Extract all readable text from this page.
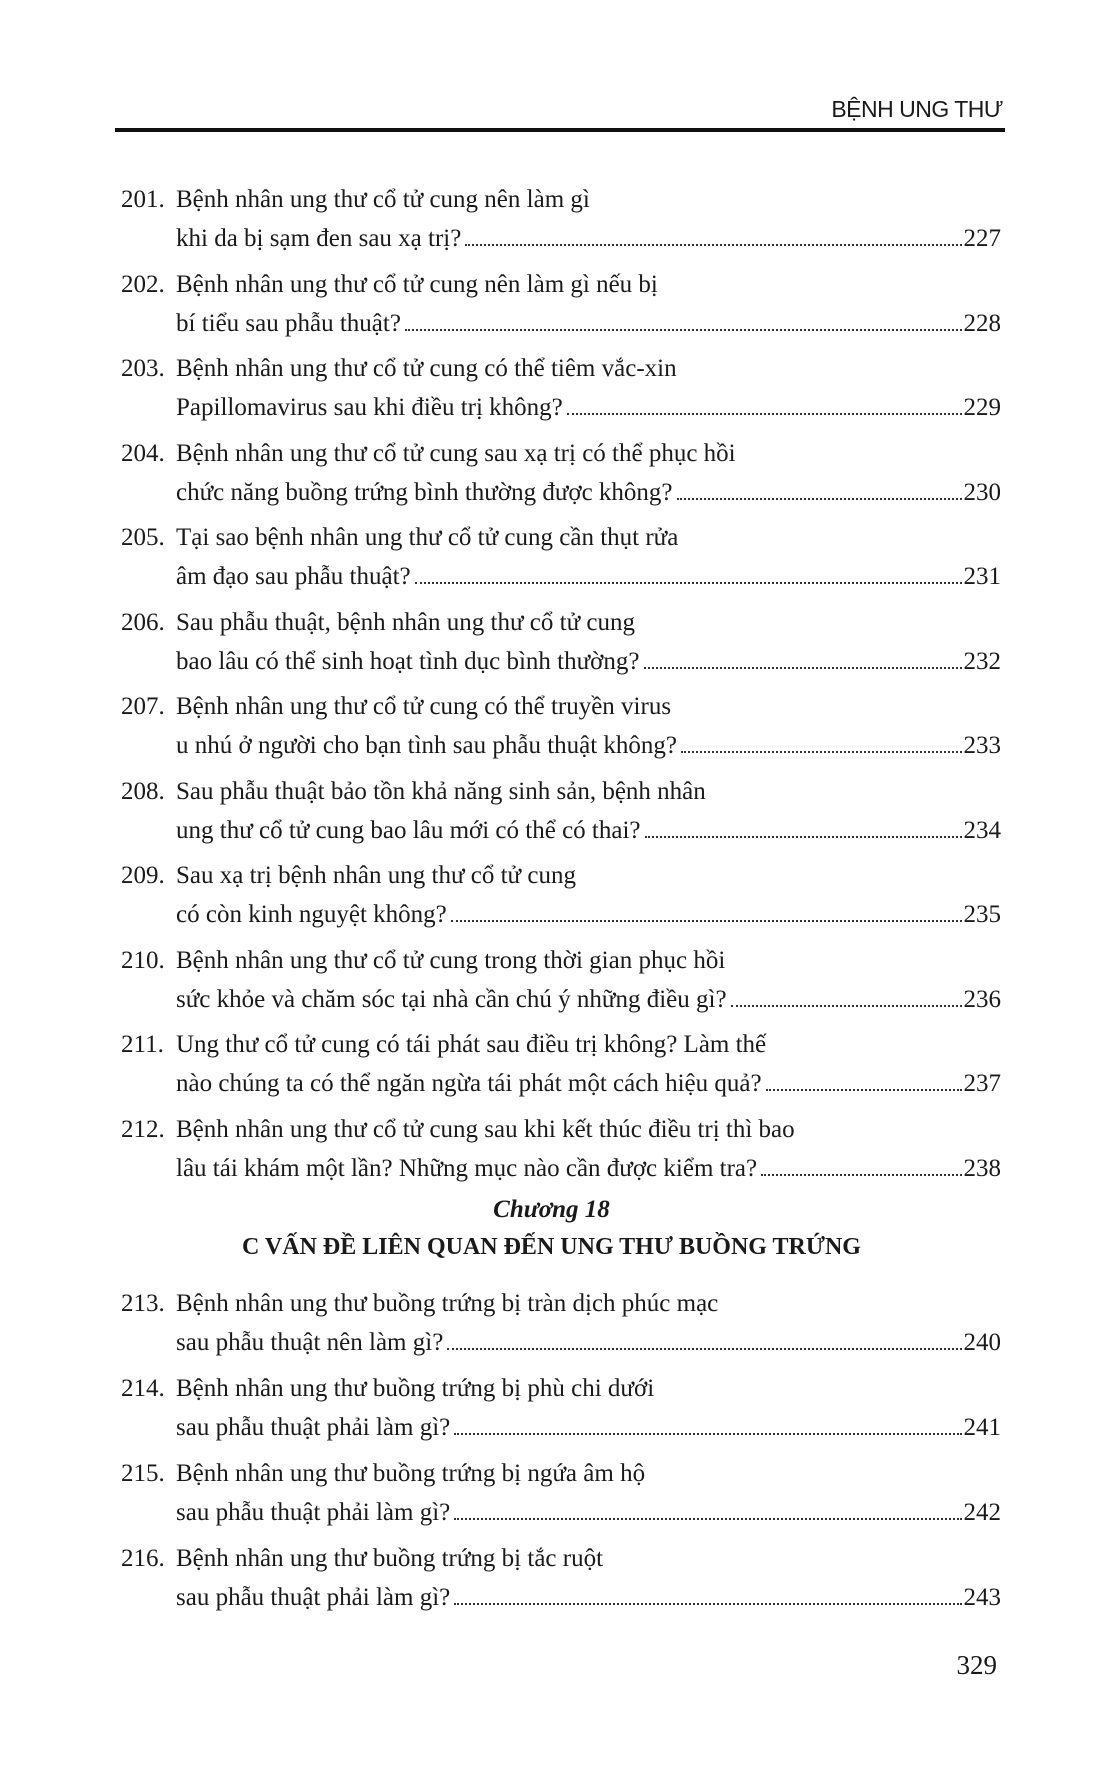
BỆNH UNG THƯ
201. Bệnh nhân ung thư cổ tử cung nên làm gì
khi da bị sạm đen sau xạ trị?	227
202. Bệnh nhân ung thư cổ tử cung nên làm gì nếu bị
bí tiểu sau phẫu thuật?	228
203. Bệnh nhân ung thư cổ tử cung có thể tiêm vắc-xin
Papillomavirus sau khi điều trị không?	229
204. Bệnh nhân ung thư cổ tử cung sau xạ trị có thể phục hồi
chức năng buồng trứng bình thường được không?	230
205. Tại sao bệnh nhân ung thư cổ tử cung cần thụt rửa
âm đạo sau phẫu thuật?	231
206. Sau phẫu thuật, bệnh nhân ung thư cổ tử cung
bao lâu có thể sinh hoạt tình dục bình thường?	232
207. Bệnh nhân ung thư cổ tử cung có thể truyền virus
u nhú ở người cho bạn tình sau phẫu thuật không?	233
208. Sau phẫu thuật bảo tồn khả năng sinh sản, bệnh nhân
ung thư cổ tử cung bao lâu mới có thể có thai?	234
209. Sau xạ trị bệnh nhân ung thư cổ tử cung
có còn kinh nguyệt không?	235
210. Bệnh nhân ung thư cổ tử cung trong thời gian phục hồi
sức khỏe và chăm sóc tại nhà cần chú ý những điều gì?	236
211. Ung thư cổ tử cung có tái phát sau điều trị không? Làm thế
nào chúng ta có thể ngăn ngừa tái phát một cách hiệu quả?	237
212. Bệnh nhân ung thư cổ tử cung sau khi kết thúc điều trị thì bao
lâu tái khám một lần? Những mục nào cần được kiểm tra?	238
213. Bệnh nhân ung thư buồng trứng bị tràn dịch phúc mạc
sau phẫu thuật nên làm gì?	240
214. Bệnh nhân ung thư buồng trứng bị phù chi dưới
sau phẫu thuật phải làm gì?	241
215. Bệnh nhân ung thư buồng trứng bị ngứa âm hộ
sau phẫu thuật phải làm gì?	242
216. Bệnh nhân ung thư buồng trứng bị tắc ruột
sau phẫu thuật phải làm gì?	243
Chương 18
C VẤN ĐỀ LIÊN QUAN ĐẾN UNG THƯ BUỒNG TRỨNG
329
